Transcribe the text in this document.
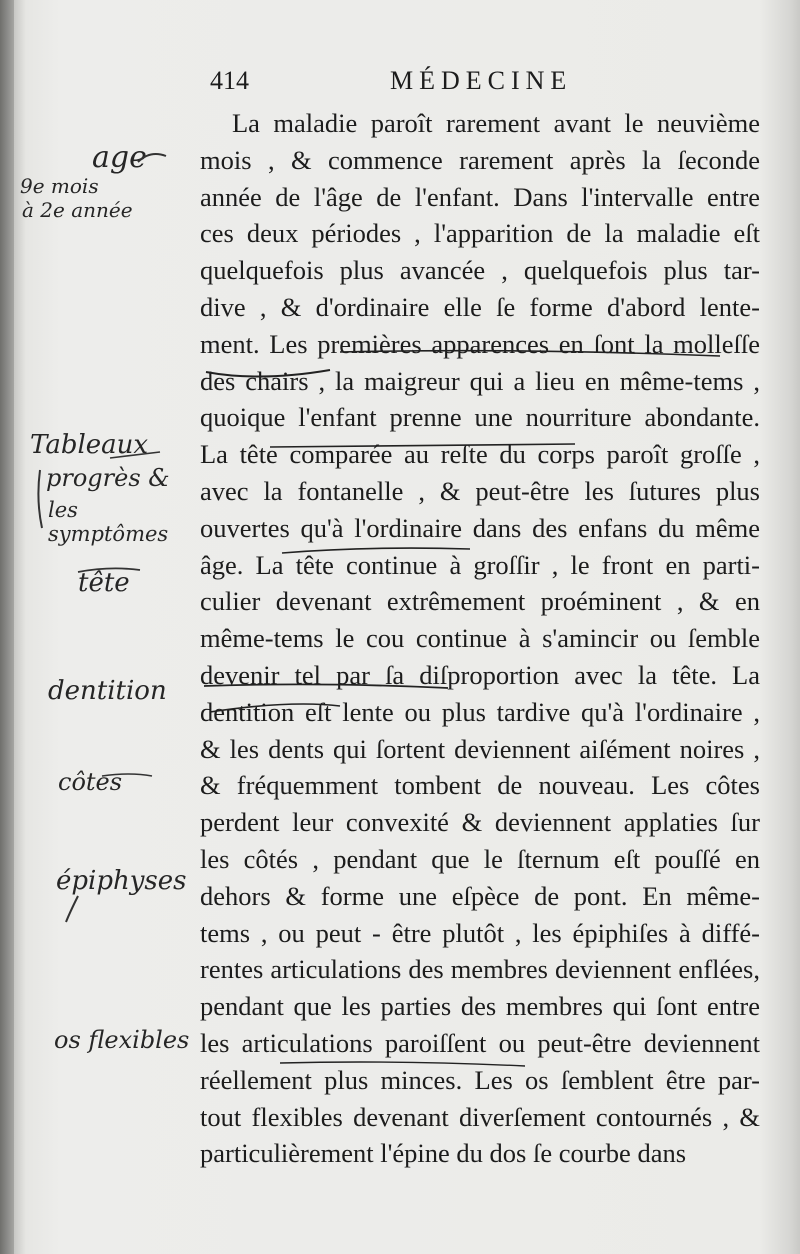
414	MÉDECINE
La maladie paroît rarement avant le neuvième
mois , & commence rarement après la ſeconde
année de l'âge de l'enfant. Dans l'intervalle entre
ces deux périodes , l'apparition de la maladie eſt
quelquefois plus avancée , quelquefois plus tar-
dive , & d'ordinaire elle ſe forme d'abord lente-
ment. Les premières apparences en ſont la molleſſe
des chairs , la maigreur qui a lieu en même-tems ,
quoique l'enfant prenne une nourriture abondante.
La tête comparée au reſte du corps paroît groſſe ,
avec la fontanelle , & peut-être les ſutures plus
ouvertes qu'à l'ordinaire dans des enfans du même
âge. La tête continue à groſſir , le front en parti-
culier devenant extrêmement proéminent , & en
même-tems le cou continue à s'amincir ou ſemble
devenir tel par ſa diſproportion avec la tête. La
dentition eſt lente ou plus tardive qu'à l'ordinaire ,
& les dents qui ſortent deviennent aiſément noires ,
& fréquemment tombent de nouveau. Les côtes
perdent leur convexité & deviennent applaties ſur
les côtés , pendant que le ſternum eſt pouſſé en
dehors & forme une eſpèce de pont. En même-
tems , ou peut - être plutôt , les épiphiſes à diffé-
rentes articulations des membres deviennent enflées,
pendant que les parties des membres qui ſont entre
les articulations paroiſſent ou peut-être deviennent
réellement plus minces. Les os ſemblent être par-
tout flexibles devenant diverſement contournés , &
particulièrement l'épine du dos ſe courbe dans
age
9e mois
à 2e année
Tableaux
progrès &
les symptômes
tête
dentition
côtes
épiphyses
os flexibles
